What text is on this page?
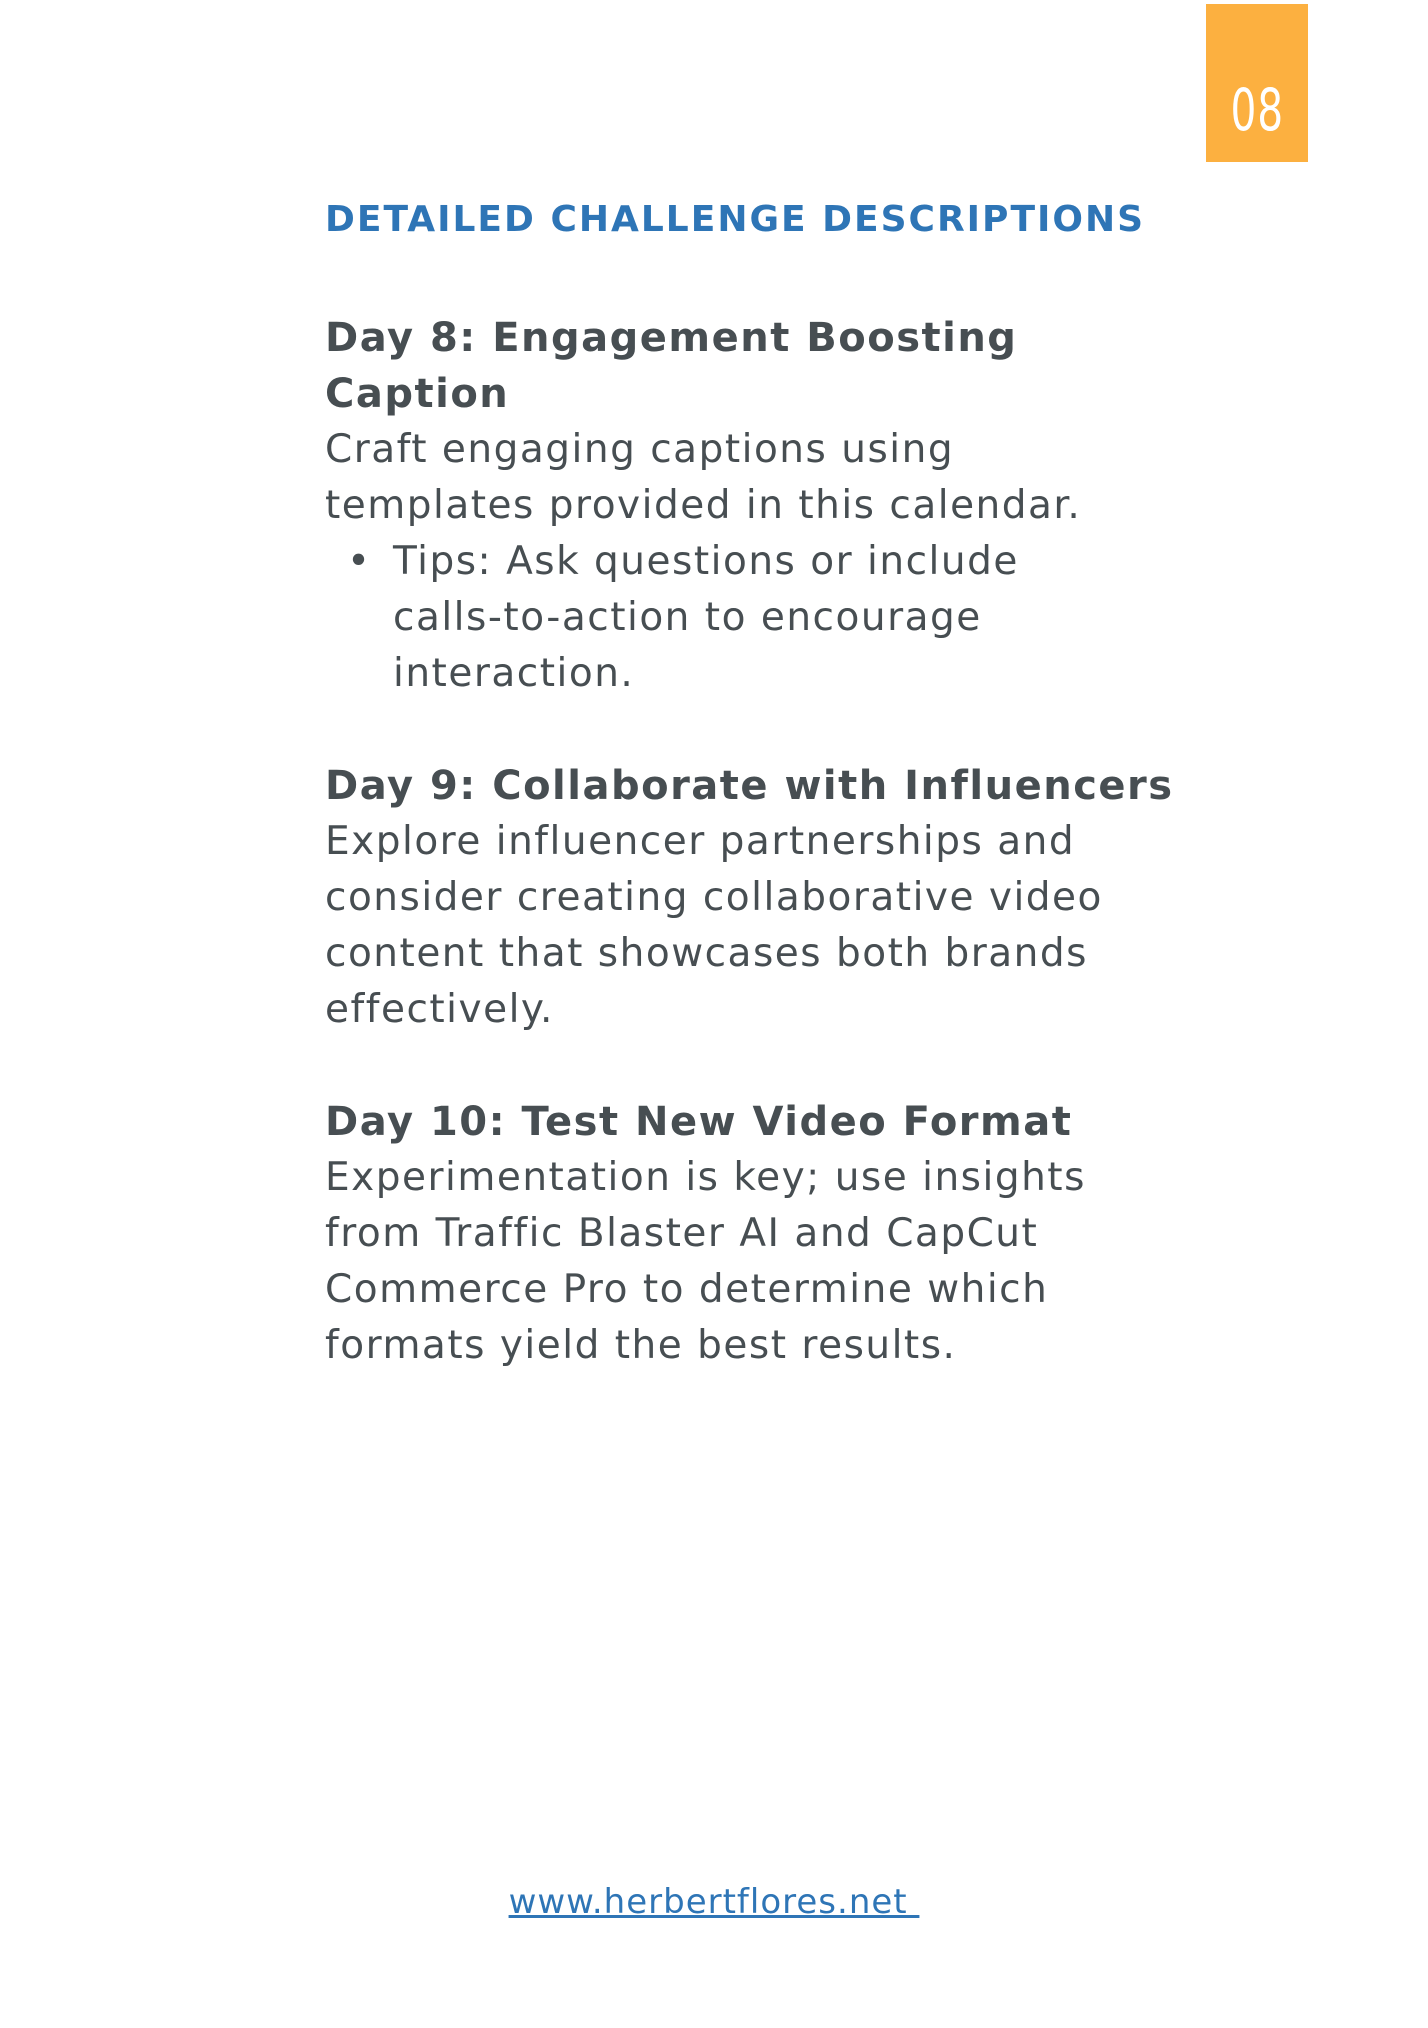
08
DETAILED CHALLENGE DESCRIPTIONS
Day 8: Engagement Boosting Caption

Craft engaging captions using templates provided in this calendar.

• Tips: Ask questions or include calls-to-action to encourage interaction.
Day 9: Collaborate with Influencers

Explore influencer partnerships and consider creating collaborative video content that showcases both brands effectively.

Day 10: Test New Video Format

Experimentation is key; use insights from Traffic Blaster AI and CapCut Commerce Pro to determine which formats yield the best results.

www.herbertflores.net
